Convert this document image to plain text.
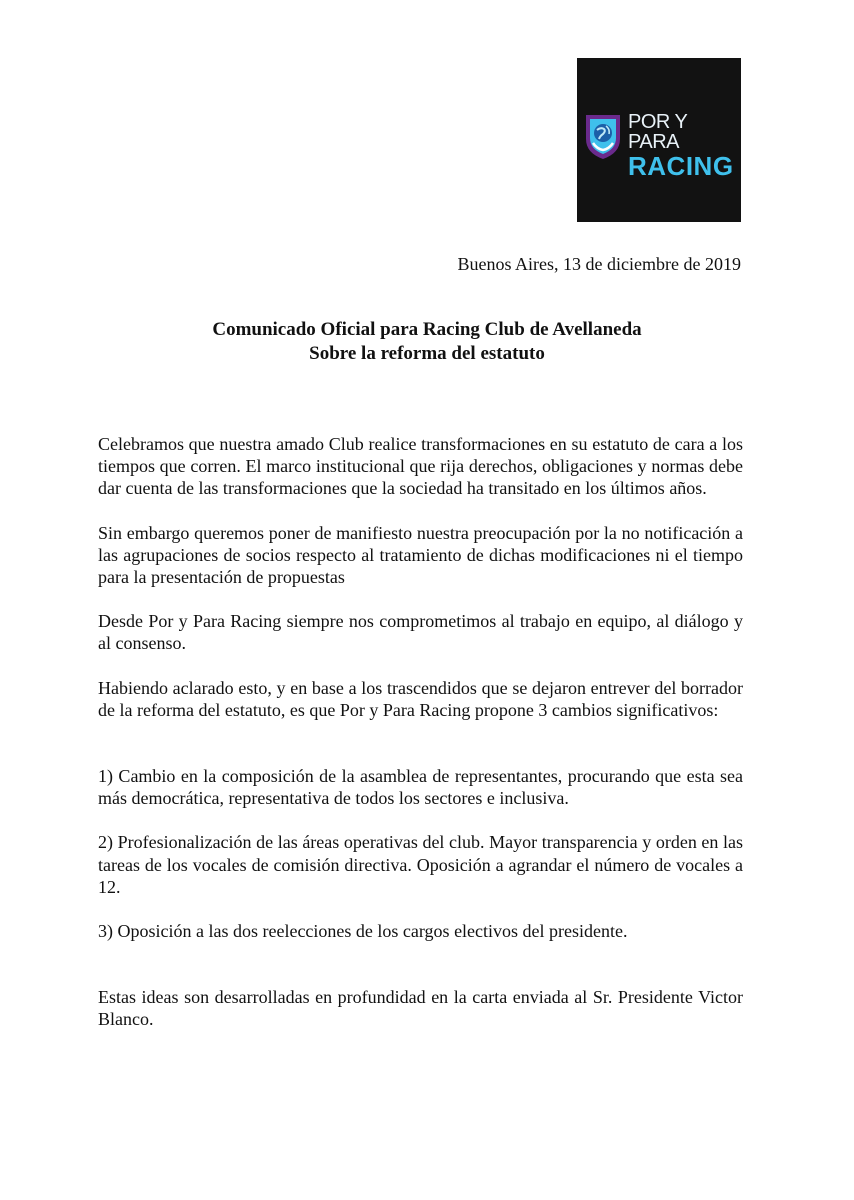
POR Y PARA
RACING
Buenos Aires, 13 de diciembre de 2019
Comunicado Oficial para Racing Club de Avellaneda
Sobre la reforma del estatuto

Celebramos que nuestra amado Club realice transformaciones en su estatuto de cara a los tiempos que corren. El marco institucional que rija derechos, obligaciones y normas debe dar cuenta de las transformaciones que la sociedad ha transitado en los últimos años.

Sin embargo queremos poner de manifiesto nuestra preocupación por la no notificación a las agrupaciones de socios respecto al tratamiento de dichas modificaciones ni el tiempo para la presentación de propuestas

Desde Por y Para Racing siempre nos comprometimos al trabajo en equipo, al diálogo y al consenso.

Habiendo aclarado esto, y en base a los trascendidos que se dejaron entrever del borrador de la reforma del estatuto, es que Por y Para Racing propone 3 cambios significativos:

1) Cambio en la composición de la asamblea de representantes, procurando que esta sea más democrática, representativa de todos los sectores e inclusiva.

2) Profesionalización de las áreas operativas del club. Mayor transparencia y orden en las tareas de los vocales de comisión directiva. Oposición a agrandar el número de vocales a 12.

3) Oposición a las dos reelecciones de los cargos electivos del presidente.

Estas ideas son desarrolladas en profundidad en la carta enviada al Sr. Presidente Victor Blanco.
